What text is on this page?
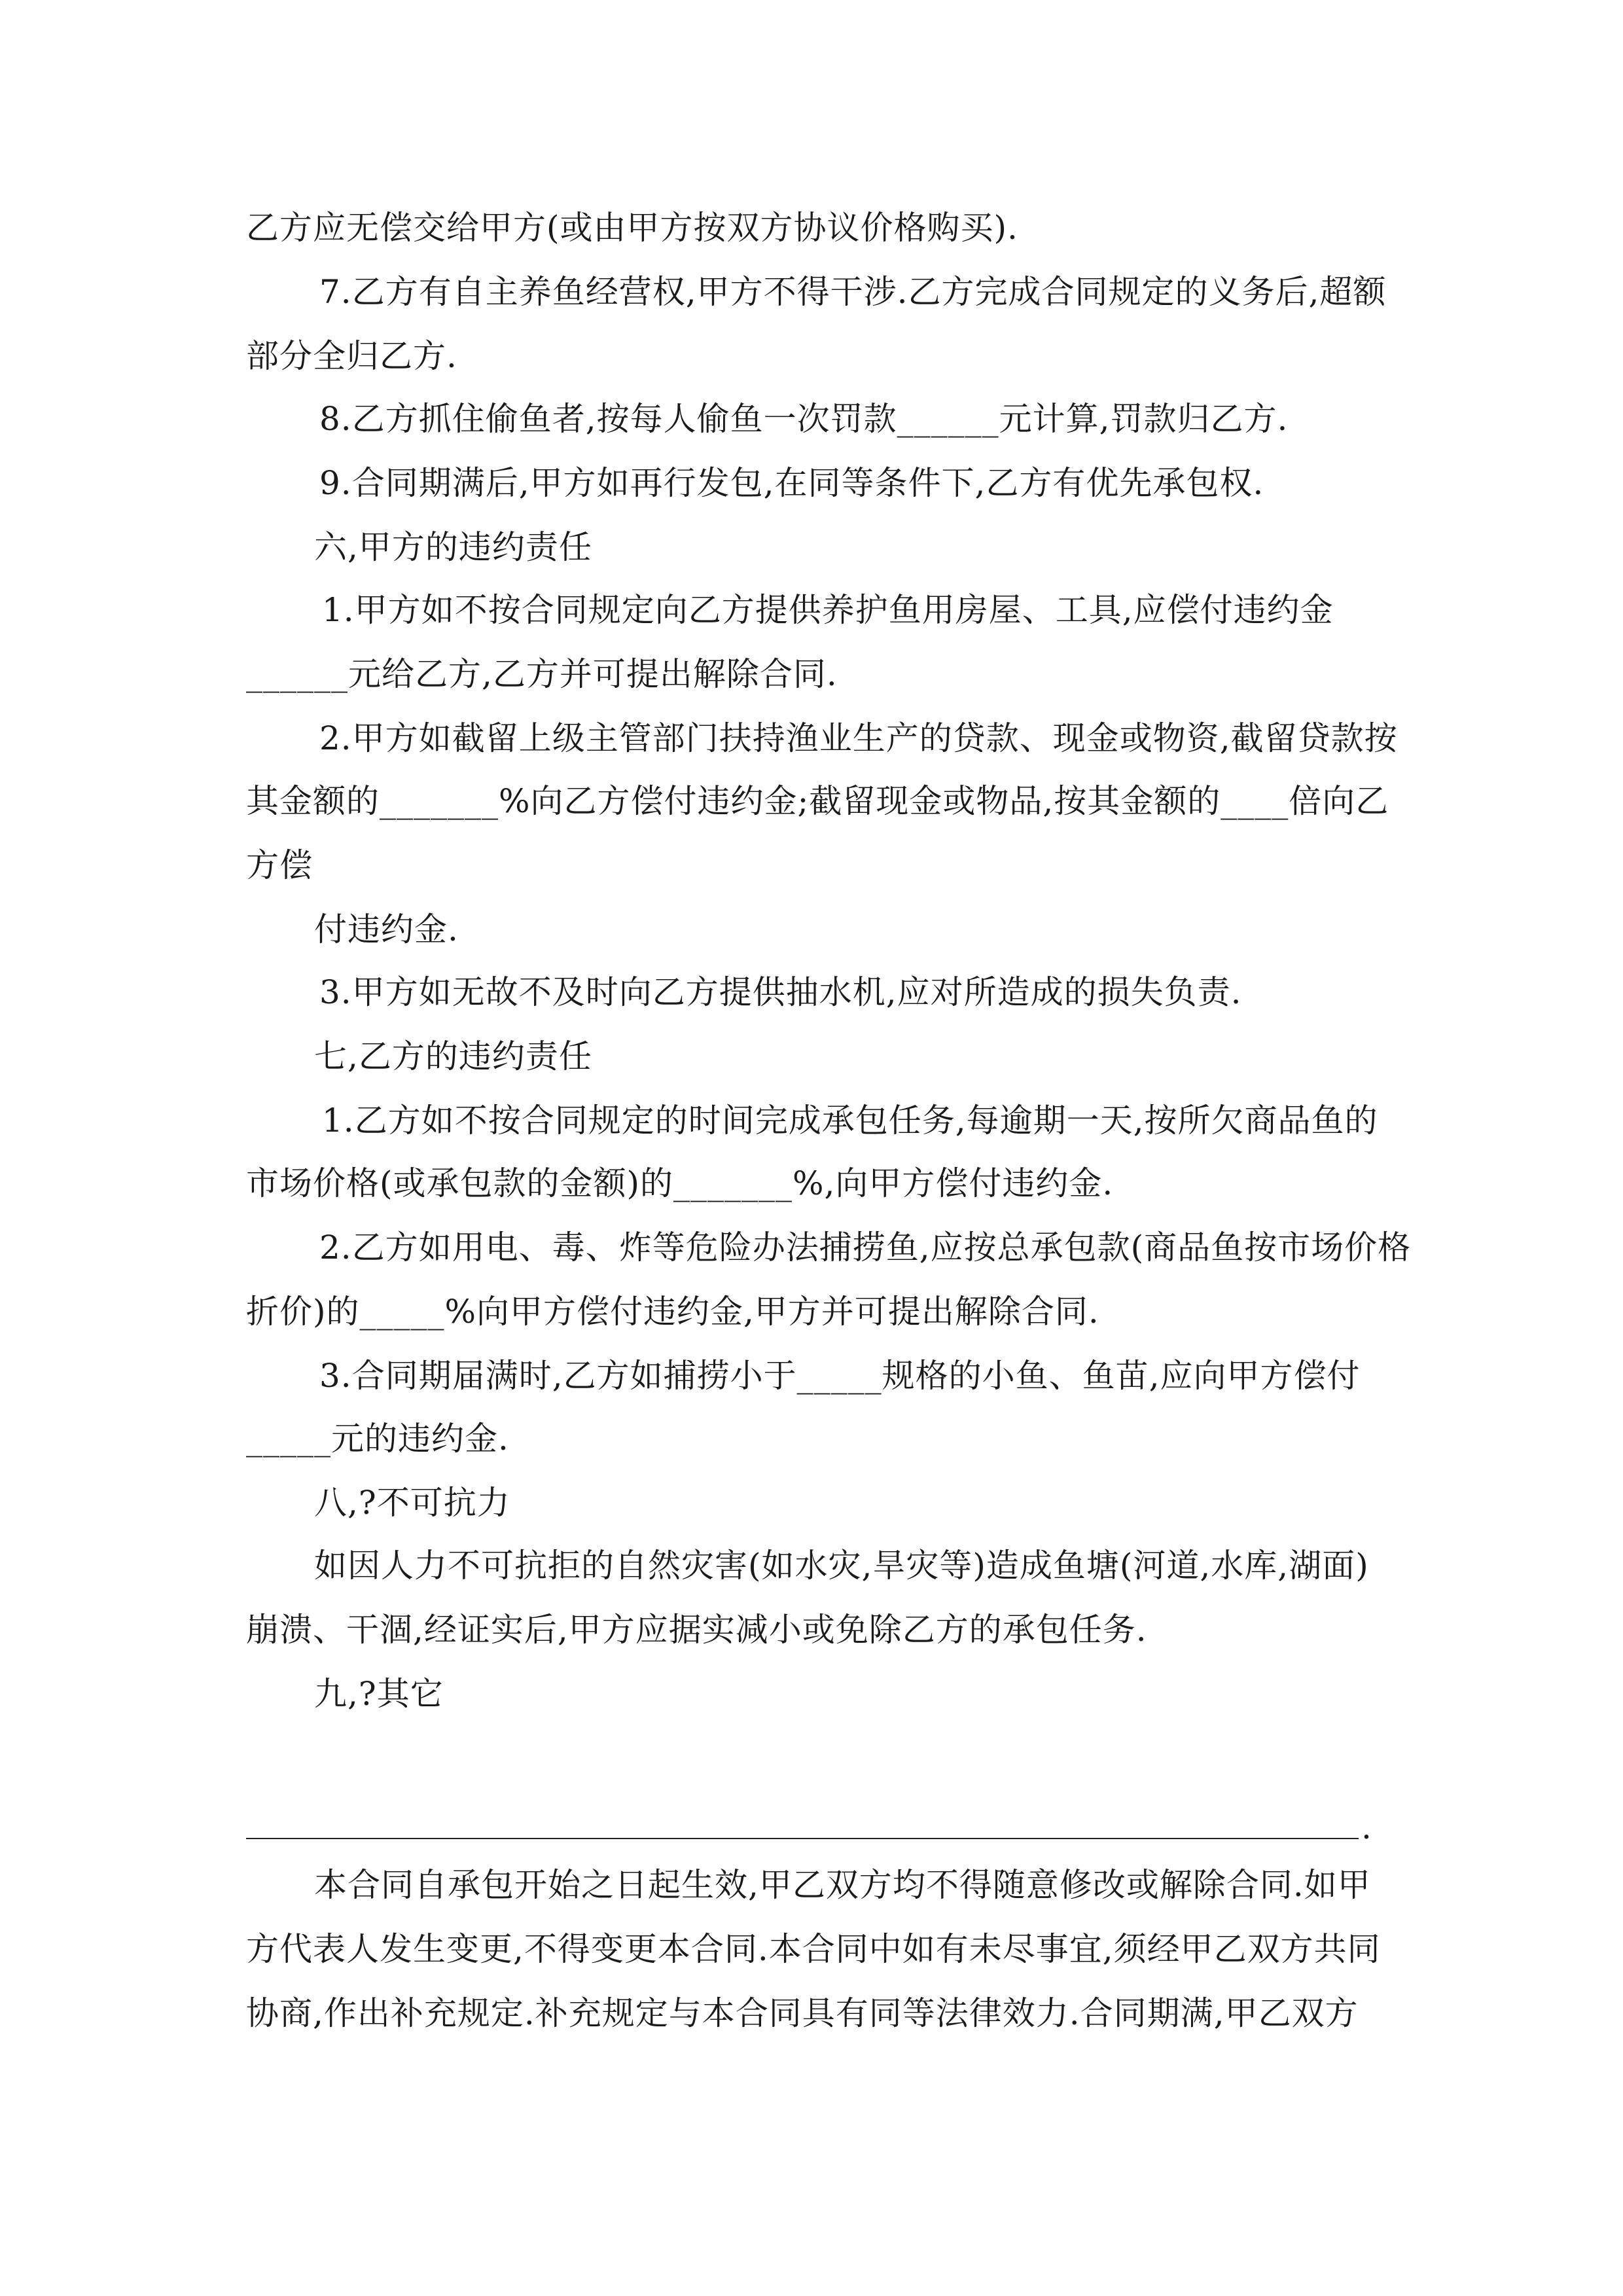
乙方应无偿交给甲方(或由甲方按双方协议价格购买).
7.乙方有自主养鱼经营权,甲方不得干涉.乙方完成合同规定的义务后,超额
部分全归乙方.
8.乙方抓住偷鱼者,按每人偷鱼一次罚款______元计算,罚款归乙方.
9.合同期满后,甲方如再行发包,在同等条件下,乙方有优先承包权.
六,甲方的违约责任
1.甲方如不按合同规定向乙方提供养护鱼用房屋、工具,应偿付违约金
______元给乙方,乙方并可提出解除合同.
2.甲方如截留上级主管部门扶持渔业生产的贷款、现金或物资,截留贷款按
其金额的_______%向乙方偿付违约金;截留现金或物品,按其金额的____倍向乙
方偿
付违约金.
3.甲方如无故不及时向乙方提供抽水机,应对所造成的损失负责.
七,乙方的违约责任
1.乙方如不按合同规定的时间完成承包任务,每逾期一天,按所欠商品鱼的
市场价格(或承包款的金额)的_______%,向甲方偿付违约金.
2.乙方如用电、毒、炸等危险办法捕捞鱼,应按总承包款(商品鱼按市场价格
折价)的_____%向甲方偿付违约金,甲方并可提出解除合同.
3.合同期届满时,乙方如捕捞小于_____规格的小鱼、鱼苗,应向甲方偿付
_____元的违约金.
八,?不可抗力
如因人力不可抗拒的自然灾害(如水灾,旱灾等)造成鱼塘(河道,水库,湖面)
崩溃、干涸,经证实后,甲方应据实减小或免除乙方的承包任务.
九,?其它
.
本合同自承包开始之日起生效,甲乙双方均不得随意修改或解除合同.如甲
方代表人发生变更,不得变更本合同.本合同中如有未尽事宜,须经甲乙双方共同
协商,作出补充规定.补充规定与本合同具有同等法律效力.合同期满,甲乙双方
